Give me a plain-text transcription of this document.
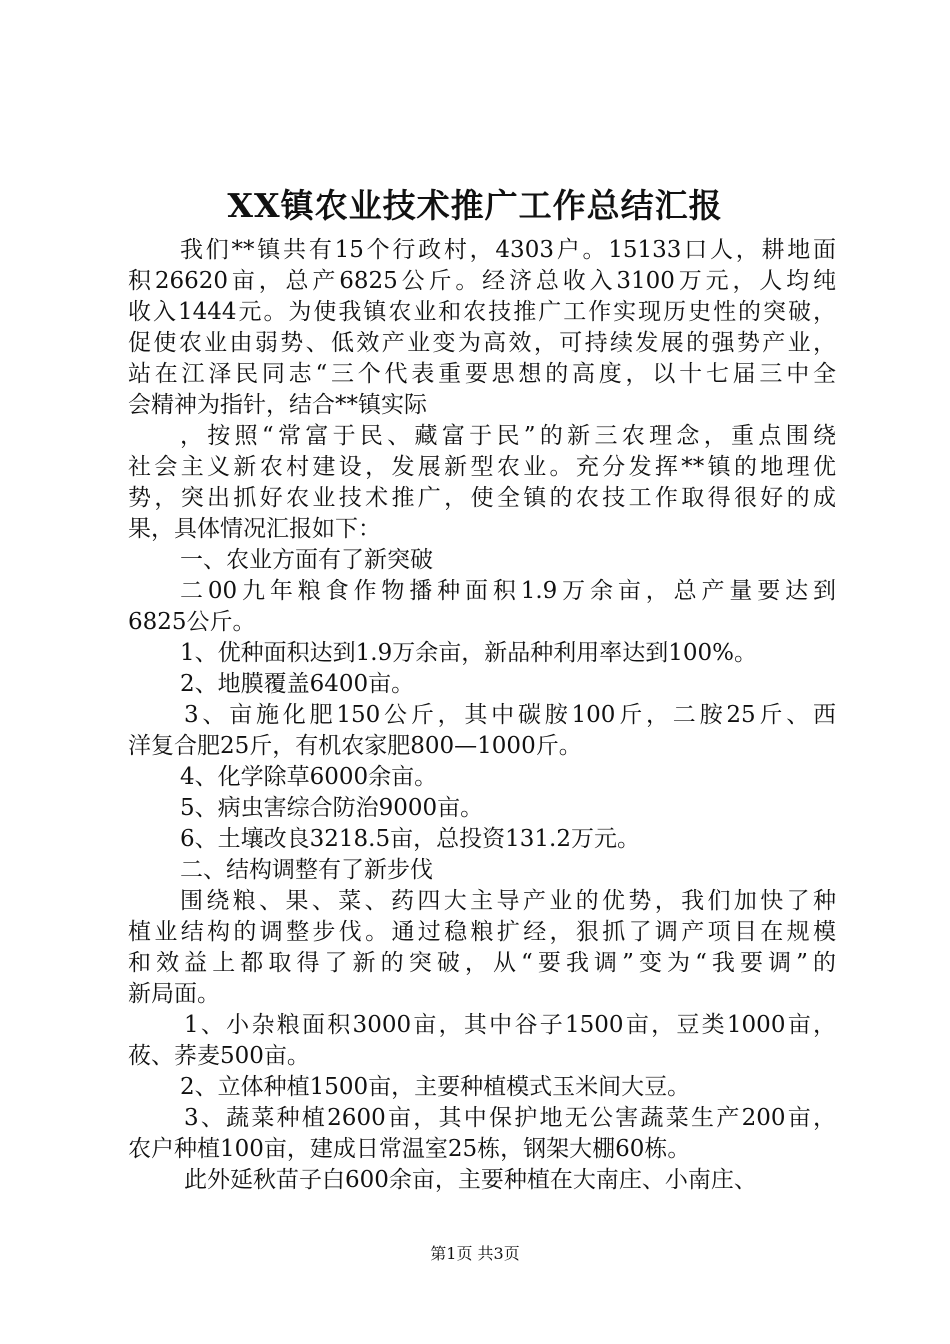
XX镇农业技术推广工作总结汇报
我们**镇共有15个行政村，4303户。15133口人，耕地面
积26620亩，总产6825公斤。经济总收入3100万元，人均纯
收入1444元。为使我镇农业和农技推广工作实现历史性的突破，
促使农业由弱势、低效产业变为高效，可持续发展的强势产业，
站在江泽民同志“三个代表重要思想的高度，以十七届三中全
会精神为指针，结合**镇实际
，按照“常富于民、藏富于民”的新三农理念，重点围绕
社会主义新农村建设，发展新型农业。充分发挥**镇的地理优
势，突出抓好农业技术推广，使全镇的农技工作取得很好的成
果，具体情况汇报如下：
一、农业方面有了新突破
二00九年粮食作物播种面积1.9万余亩，总产量要达到
6825公斤。
1、优种面积达到1.9万余亩，新品种利用率达到100%。
2、地膜覆盖6400亩。
3、亩施化肥150公斤，其中碳胺100斤，二胺25斤、西
洋复合肥25斤，有机农家肥800—1000斤。
4、化学除草6000余亩。
5、病虫害综合防治9000亩。
6、土壤改良3218.5亩，总投资131.2万元。
二、结构调整有了新步伐
围绕粮、果、菜、药四大主导产业的优势，我们加快了种
植业结构的调整步伐。通过稳粮扩经，狠抓了调产项目在规模
和效益上都取得了新的突破，从“要我调”变为“我要调”的
新局面。
1、小杂粮面积3000亩，其中谷子1500亩，豆类1000亩，
莜、荞麦500亩。
2、立体种植1500亩，主要种植模式玉米间大豆。
3、蔬菜种植2600亩，其中保护地无公害蔬菜生产200亩，
农户种植100亩，建成日常温室25栋，钢架大棚60栋。
此外延秋苗子白600余亩，主要种植在大南庄、小南庄、
第1页 共3页
